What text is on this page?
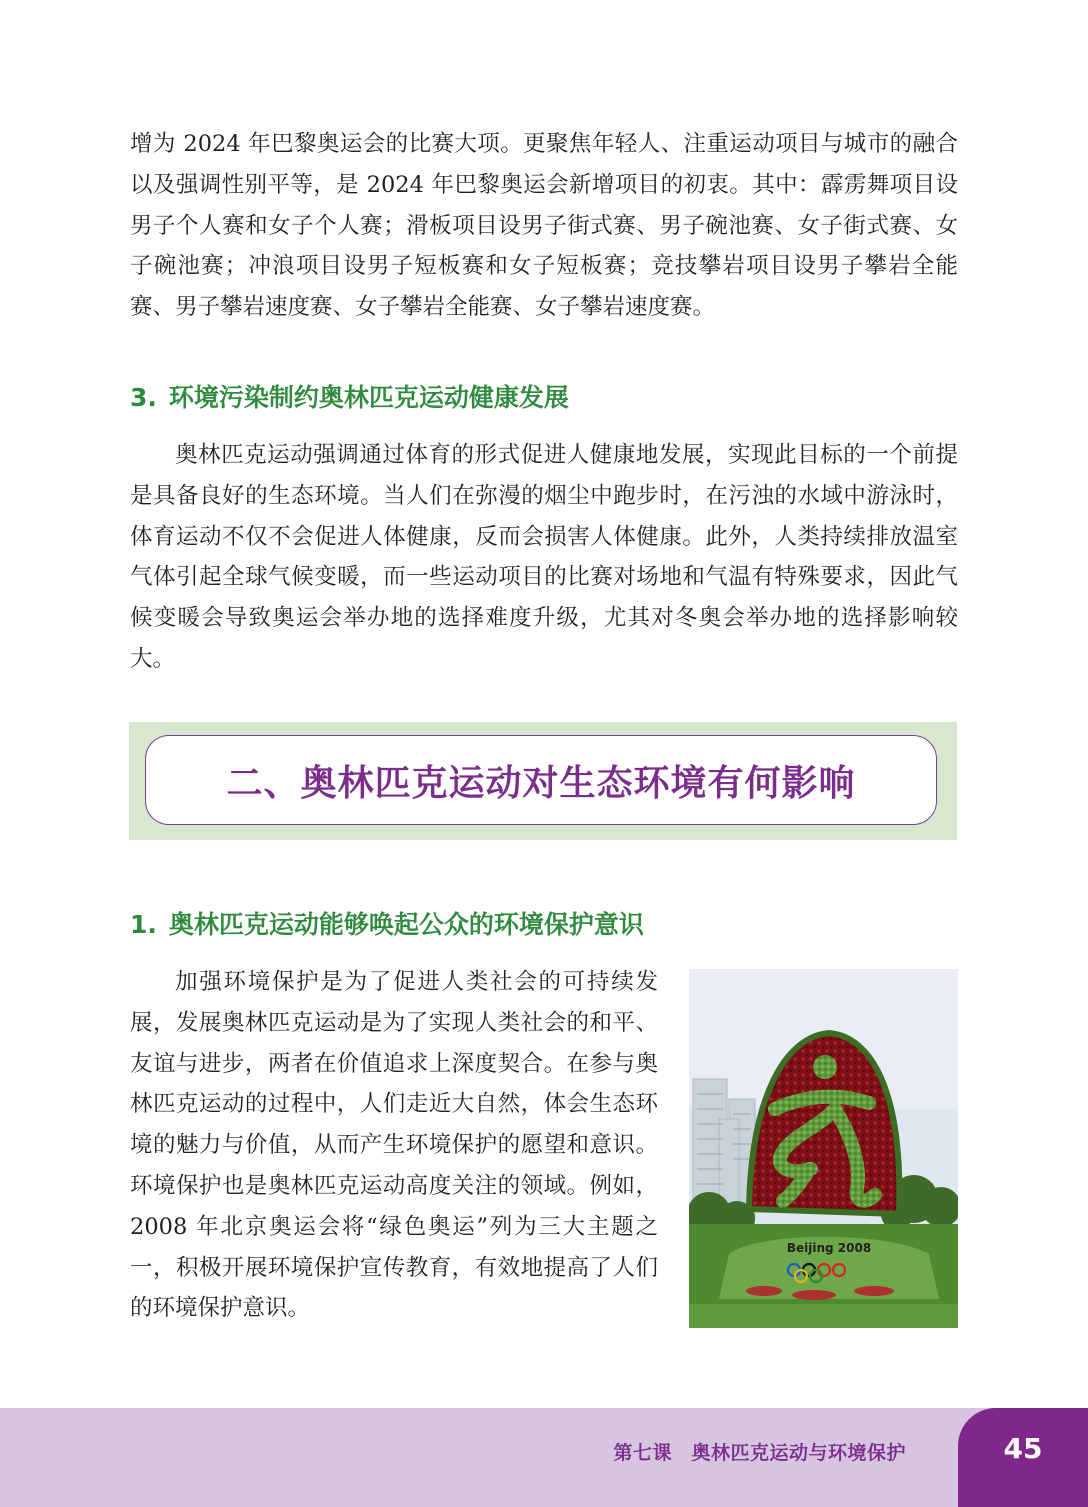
增为 2024 年巴黎奥运会的比赛大项。更聚焦年轻人、注重运动项目与城市的融合以及强调性别平等，是 2024 年巴黎奥运会新增项目的初衷。其中：霹雳舞项目设男子个人赛和女子个人赛；滑板项目设男子街式赛、男子碗池赛、女子街式赛、女子碗池赛；冲浪项目设男子短板赛和女子短板赛；竞技攀岩项目设男子攀岩全能赛、男子攀岩速度赛、女子攀岩全能赛、女子攀岩速度赛。

3. 环境污染制约奥林匹克运动健康发展

奥林匹克运动强调通过体育的形式促进人健康地发展，实现此目标的一个前提是具备良好的生态环境。当人们在弥漫的烟尘中跑步时，在污浊的水域中游泳时，体育运动不仅不会促进人体健康，反而会损害人体健康。此外，人类持续排放温室气体引起全球气候变暖，而一些运动项目的比赛对场地和气温有特殊要求，因此气候变暖会导致奥运会举办地的选择难度升级，尤其对冬奥会举办地的选择影响较大。

二、奥林匹克运动对生态环境有何影响
1. 奥林匹克运动能够唤起公众的环境保护意识

加强环境保护是为了促进人类社会的可持续发展，发展奥林匹克运动是为了实现人类社会的和平、友谊与进步，两者在价值追求上深度契合。在参与奥林匹克运动的过程中，人们走近大自然，体会生态环境的魅力与价值，从而产生环境保护的愿望和意识。环境保护也是奥林匹克运动高度关注的领域。例如，2008 年北京奥运会将“绿色奥运”列为三大主题之一，积极开展环境保护宣传教育，有效地提高了人们的环境保护意识。

Beijing 2008
第七课　奥林匹克运动与环境保护	45
